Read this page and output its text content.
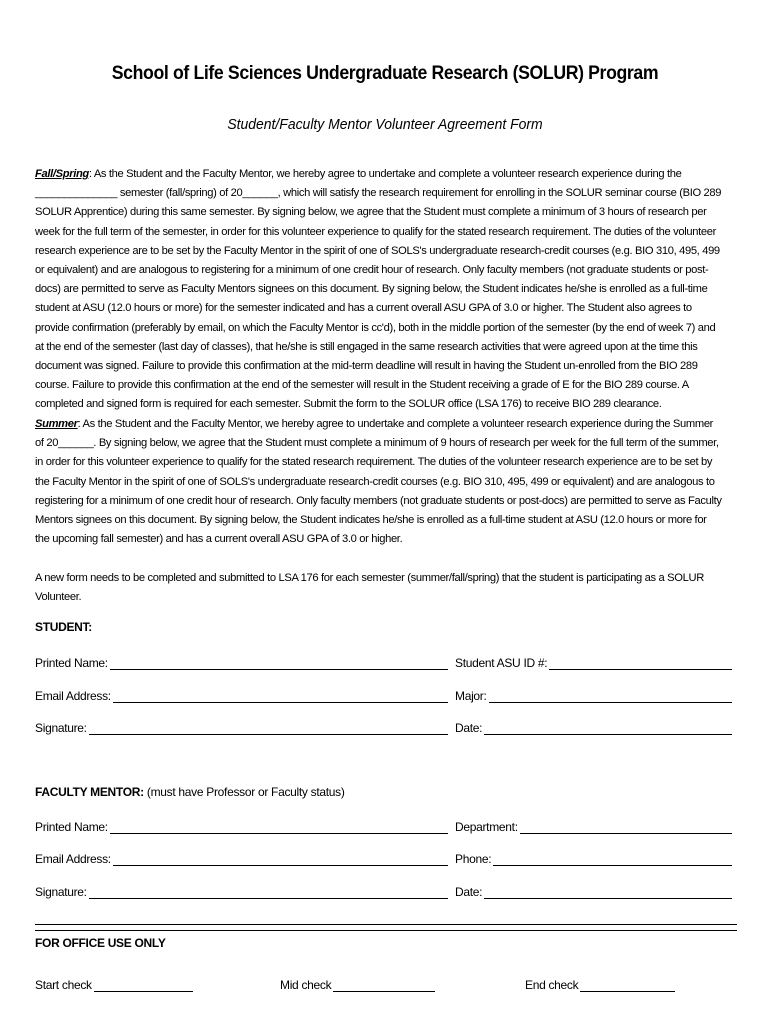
School of Life Sciences Undergraduate Research (SOLUR) Program
Student/Faculty Mentor Volunteer Agreement Form
Fall/Spring: As the Student and the Faculty Mentor, we hereby agree to undertake and complete a volunteer research experience during the ______________ semester (fall/spring) of 20______, which will satisfy the research requirement for enrolling in the SOLUR seminar course (BIO 289 SOLUR Apprentice) during this same semester. By signing below, we agree that the Student must complete a minimum of 3 hours of research per week for the full term of the semester, in order for this volunteer experience to qualify for the stated research requirement. The duties of the volunteer research experience are to be set by the Faculty Mentor in the spirit of one of SOLS's undergraduate research-credit courses (e.g. BIO 310, 495, 499 or equivalent) and are analogous to registering for a minimum of one credit hour of research. Only faculty members (not graduate students or post-docs) are permitted to serve as Faculty Mentors signees on this document. By signing below, the Student indicates he/she is enrolled as a full-time student at ASU (12.0 hours or more) for the semester indicated and has a current overall ASU GPA of 3.0 or higher. The Student also agrees to provide confirmation (preferably by email, on which the Faculty Mentor is cc'd), both in the middle portion of the semester (by the end of week 7) and at the end of the semester (last day of classes), that he/she is still engaged in the same research activities that were agreed upon at the time this document was signed. Failure to provide this confirmation at the mid-term deadline will result in having the Student un-enrolled from the BIO 289 course. Failure to provide this confirmation at the end of the semester will result in the Student receiving a grade of E for the BIO 289 course. A completed and signed form is required for each semester. Submit the form to the SOLUR office (LSA 176) to receive BIO 289 clearance.
Summer: As the Student and the Faculty Mentor, we hereby agree to undertake and complete a volunteer research experience during the Summer of 20______. By signing below, we agree that the Student must complete a minimum of 9 hours of research per week for the full term of the summer, in order for this volunteer experience to qualify for the stated research requirement. The duties of the volunteer research experience are to be set by the Faculty Mentor in the spirit of one of SOLS's undergraduate research-credit courses (e.g. BIO 310, 495, 499 or equivalent) and are analogous to registering for a minimum of one credit hour of research. Only faculty members (not graduate students or post-docs) are permitted to serve as Faculty Mentors signees on this document. By signing below, the Student indicates he/she is enrolled as a full-time student at ASU (12.0 hours or more for the upcoming fall semester) and has a current overall ASU GPA of 3.0 or higher.
A new form needs to be completed and submitted to LSA 176 for each semester (summer/fall/spring) that the student is participating as a SOLUR Volunteer.
STUDENT:
Printed Name:	Student ASU ID #:
Email Address:	Major:
Signature:	Date:
FACULTY MENTOR: (must have Professor or Faculty status)
Printed Name:	Department:
Email Address:	Phone:
Signature:	Date:
FOR OFFICE USE ONLY
Start check	Mid check	End check
